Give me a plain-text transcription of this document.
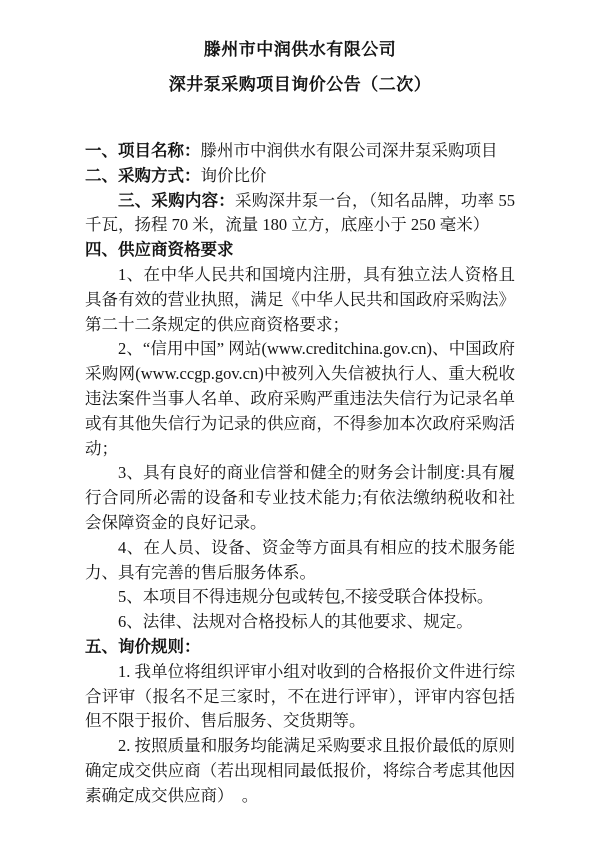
滕州市中润供水有限公司
深井泵采购项目询价公告（二次）

一、项目名称：滕州市中润供水有限公司深井泵采购项目

二、采购方式：询价比价

三、采购内容：采购深井泵一台，（知名品牌，功率 55 千瓦，扬程 70 米，流量 180 立方，底座小于 250 毫米）

四、供应商资格要求

1、在中华人民共和国境内注册，具有独立法人资格且具备有效的营业执照，满足《中华人民共和国政府采购法》第二十二条规定的供应商资格要求；

2、“信用中国” 网站(www.creditchina.gov.cn)、中国政府采购网(www.ccgp.gov.cn)中被列入失信被执行人、重大税收违法案件当事人名单、政府采购严重违法失信行为记录名单或有其他失信行为记录的供应商，不得参加本次政府采购活动；

3、具有良好的商业信誉和健全的财务会计制度:具有履行合同所必需的设备和专业技术能力;有依法缴纳税收和社会保障资金的良好记录。

4、在人员、设备、资金等方面具有相应的技术服务能力、具有完善的售后服务体系。

5、本项目不得违规分包或转包,不接受联合体投标。

6、法律、法规对合格投标人的其他要求、规定。

五、询价规则：

1. 我单位将组织评审小组对收到的合格报价文件进行综合评审（报名不足三家时，不在进行评审），评审内容包括但不限于报价、售后服务、交货期等。

2. 按照质量和服务均能满足采购要求且报价最低的原则确定成交供应商（若出现相同最低报价，将综合考虑其他因素确定成交供应商）　。
